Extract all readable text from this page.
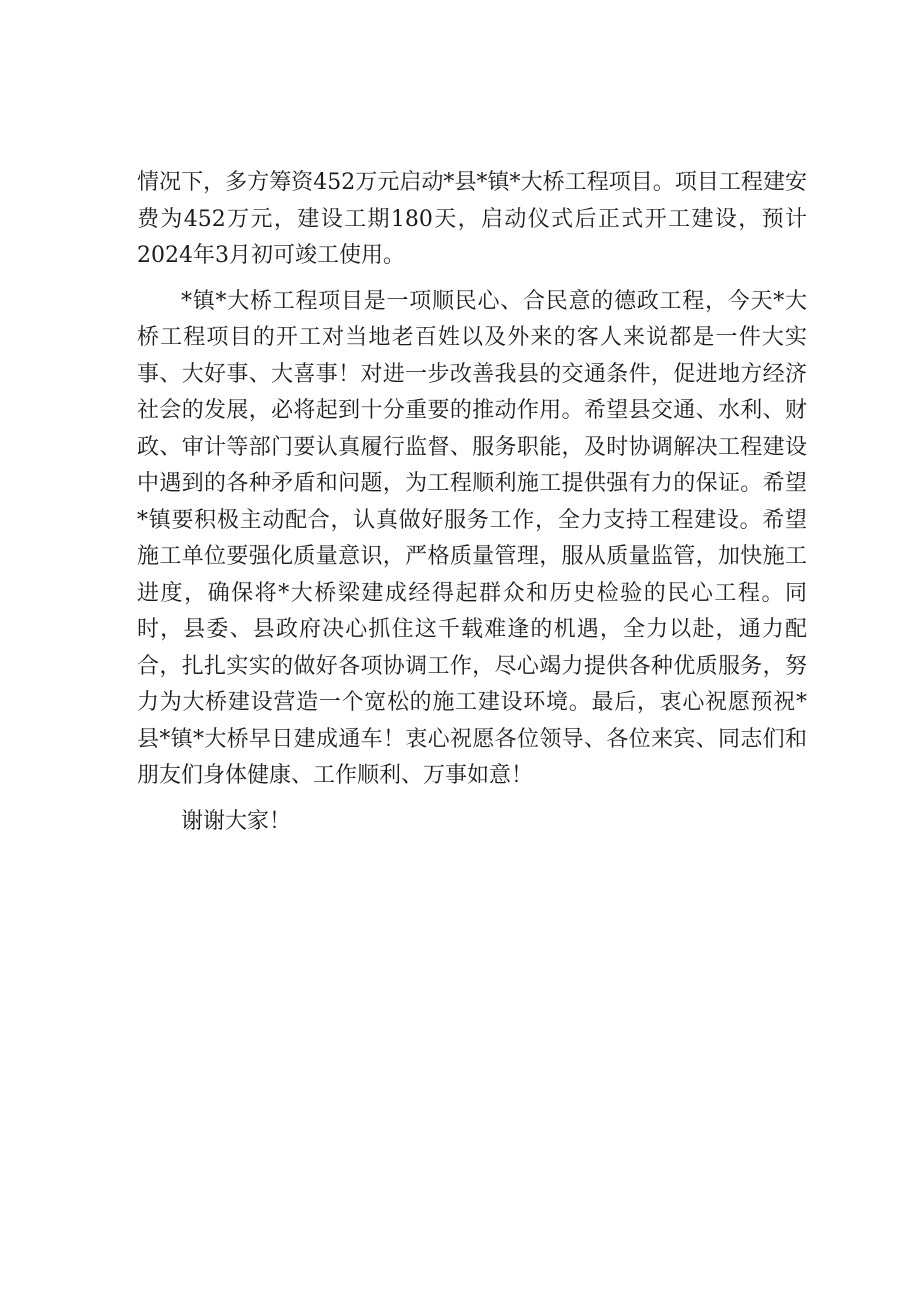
情况下，多方筹资452万元启动*县*镇*大桥工程项目。项目工程建安费为452万元，建设工期180天，启动仪式后正式开工建设，预计2024年3月初可竣工使用。

*镇*大桥工程项目是一项顺民心、合民意的德政工程，今天*大桥工程项目的开工对当地老百姓以及外来的客人来说都是一件大实事、大好事、大喜事！对进一步改善我县的交通条件，促进地方经济社会的发展，必将起到十分重要的推动作用。希望县交通、水利、财政、审计等部门要认真履行监督、服务职能，及时协调解决工程建设中遇到的各种矛盾和问题，为工程顺利施工提供强有力的保证。希望*镇要积极主动配合，认真做好服务工作，全力支持工程建设。希望施工单位要强化质量意识，严格质量管理，服从质量监管，加快施工进度，确保将*大桥梁建成经得起群众和历史检验的民心工程。同时，县委、县政府决心抓住这千载难逢的机遇，全力以赴，通力配合，扎扎实实的做好各项协调工作，尽心竭力提供各种优质服务，努力为大桥建设营造一个宽松的施工建设环境。最后，衷心祝愿预祝*县*镇*大桥早日建成通车！衷心祝愿各位领导、各位来宾、同志们和朋友们身体健康、工作顺利、万事如意！

谢谢大家！
